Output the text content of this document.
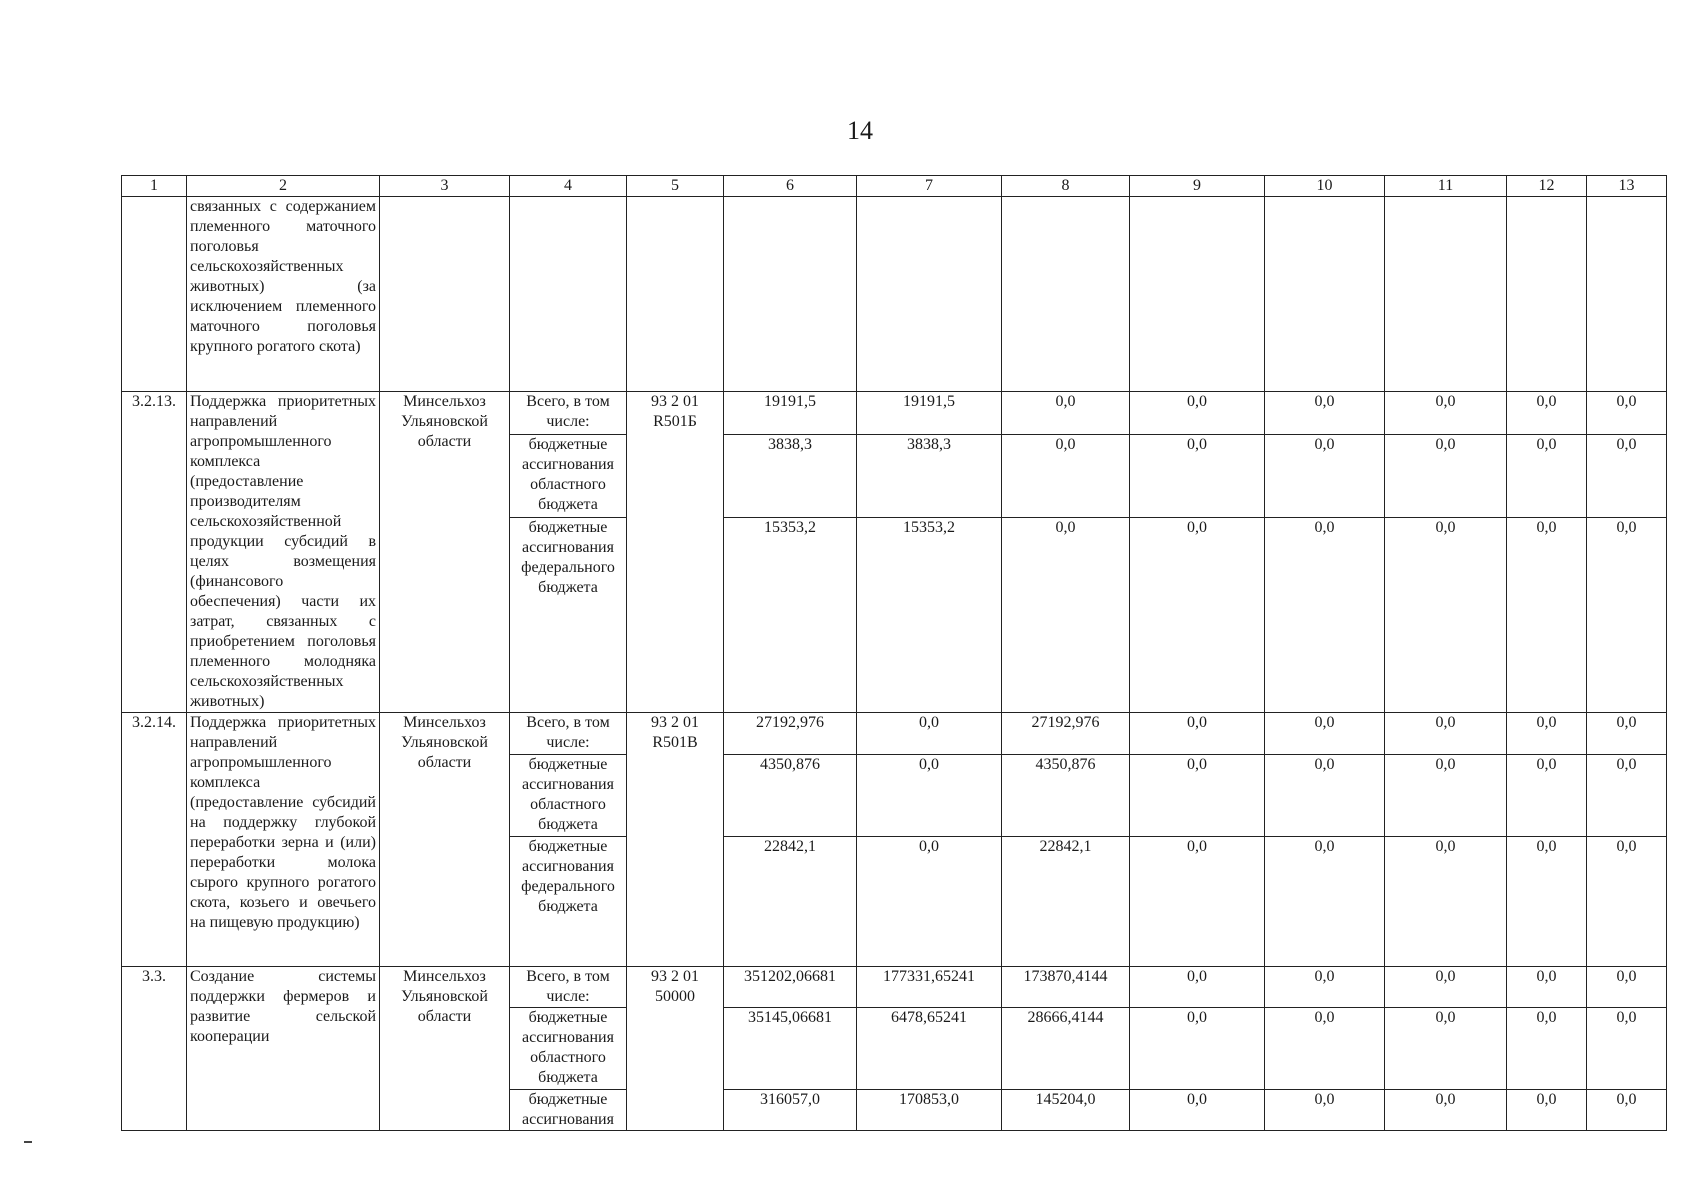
14
1	2	3	4	5	6	7	8	9	10	11	12	13
	связанных с содержанием племенного маточного поголовья сельскохозяйственных животных) (за исключением племенного маточного поголовья крупного рогатого скота)											
3.2.13.	Поддержка приоритетных направлений агропромышленного комплекса (предоставление производителям сельскохозяйственной продукции субсидий в целях возмещения (финансового обеспечения) части их затрат, связанных с приобретением поголовья племенного молодняка сельскохозяйственных животных)	Минсельхоз Ульяновской области	Всего, в том числе:	93 2 01 R501Б	19191,5	19191,5	0,0	0,0	0,0	0,0	0,0	0,0
			бюджетные ассигнования областного бюджета		3838,3	3838,3	0,0	0,0	0,0	0,0	0,0	0,0
			бюджетные ассигнования федерального бюджета		15353,2	15353,2	0,0	0,0	0,0	0,0	0,0	0,0
3.2.14.	Поддержка приоритетных направлений агропромышленного комплекса (предоставление субсидий на поддержку глубокой переработки зерна и (или) переработки молока сырого крупного рогатого скота, козьего и овечьего на пищевую продукцию)	Минсельхоз Ульяновской области	Всего, в том числе:	93 2 01 R501В	27192,976	0,0	27192,976	0,0	0,0	0,0	0,0	0,0
			бюджетные ассигнования областного бюджета		4350,876	0,0	4350,876	0,0	0,0	0,0	0,0	0,0
			бюджетные ассигнования федерального бюджета		22842,1	0,0	22842,1	0,0	0,0	0,0	0,0	0,0
3.3.	Создание системы поддержки фермеров и развитие сельской кооперации	Минсельхоз Ульяновской области	Всего, в том числе:	93 2 01 50000	351202,06681	177331,65241	173870,4144	0,0	0,0	0,0	0,0	0,0
			бюджетные ассигнования областного бюджета		35145,06681	6478,65241	28666,4144	0,0	0,0	0,0	0,0	0,0
			бюджетные ассигнования		316057,0	170853,0	145204,0	0,0	0,0	0,0	0,0	0,0
